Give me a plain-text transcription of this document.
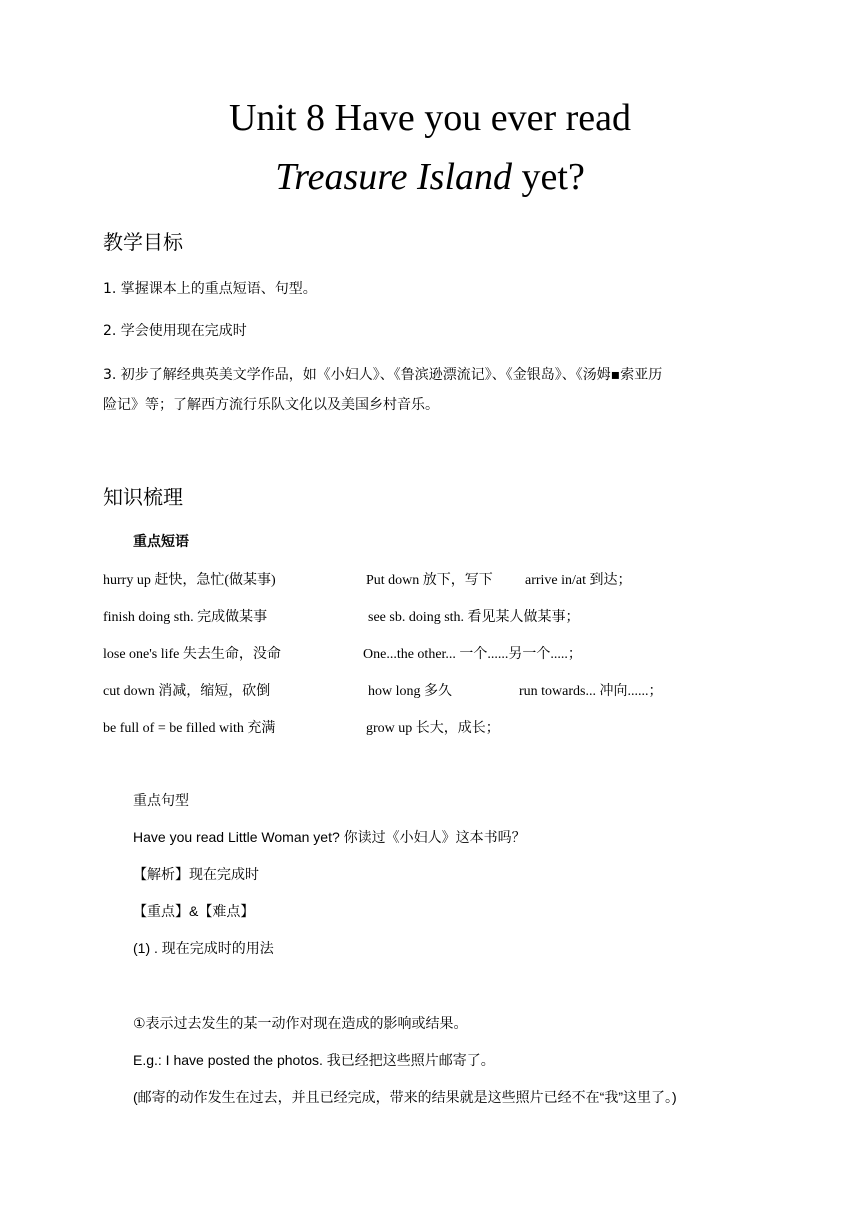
Unit 8 Have you ever read
Treasure Island yet?
教学目标
1. 掌握课本上的重点短语、句型。
2. 学会使用现在完成时
3. 初步了解经典英美文学作品，如《小妇人》、《鲁滨逊漂流记》、《金银岛》、《汤姆▪索亚历
险记》等；了解西方流行乐队文化以及美国乡村音乐。
知识梳理
重点短语
hurry up 赶快，急忙(做某事)	Put down 放下，写下 arrive in/at 到达；
finish doing sth. 完成做某事	see sb. doing sth. 看见某人做某事；
lose one's life 失去生命，没命	One...the other... 一个......另一个.....；
cut down 消减，缩短，砍倒	how long 多久	run towards... 冲向......；
be full of = be filled with 充满	grow up 长大，成长；
重点句型
Have you read Little Woman yet? 你读过《小妇人》这本书吗？
【解析】现在完成时
【重点】&【难点】
(1) . 现在完成时的用法
①表示过去发生的某一动作对现在造成的影响或结果。
E.g.: I have posted the photos. 我已经把这些照片邮寄了。
(邮寄的动作发生在过去，并且已经完成，带来的结果就是这些照片已经不在“我”这里了。)
